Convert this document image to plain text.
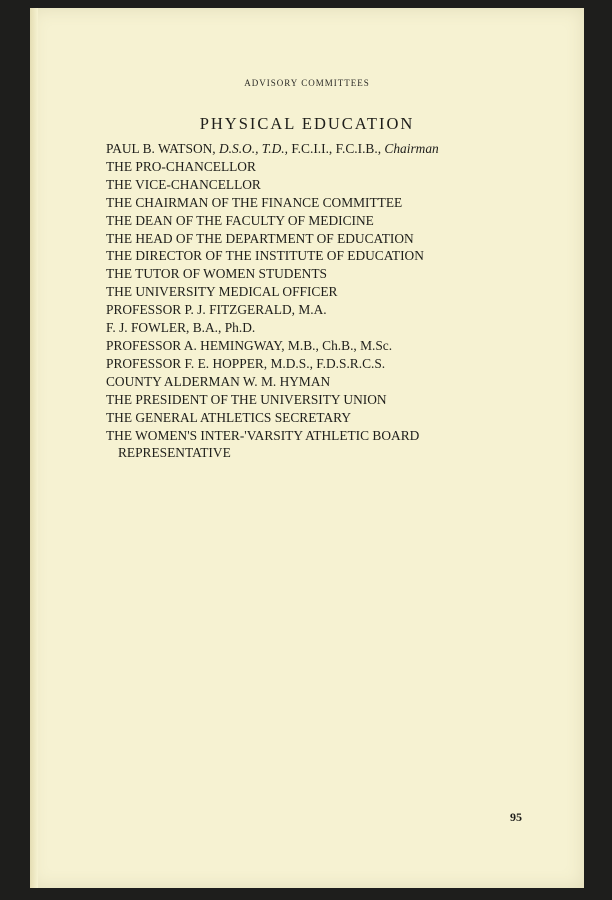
ADVISORY COMMITTEES
PHYSICAL EDUCATION
PAUL B. WATSON, D.S.O., T.D., F.C.I.I., F.C.I.B., Chairman
THE PRO-CHANCELLOR
THE VICE-CHANCELLOR
THE CHAIRMAN OF THE FINANCE COMMITTEE
THE DEAN OF THE FACULTY OF MEDICINE
THE HEAD OF THE DEPARTMENT OF EDUCATION
THE DIRECTOR OF THE INSTITUTE OF EDUCATION
THE TUTOR OF WOMEN STUDENTS
THE UNIVERSITY MEDICAL OFFICER
PROFESSOR P. J. FITZGERALD, M.A.
F. J. FOWLER, B.A., Ph.D.
PROFESSOR A. HEMINGWAY, M.B., Ch.B., M.Sc.
PROFESSOR F. E. HOPPER, M.D.S., F.D.S.R.C.S.
COUNTY ALDERMAN W. M. HYMAN
THE PRESIDENT OF THE UNIVERSITY UNION
THE GENERAL ATHLETICS SECRETARY
THE WOMEN'S INTER-'VARSITY ATHLETIC BOARD
REPRESENTATIVE
95
